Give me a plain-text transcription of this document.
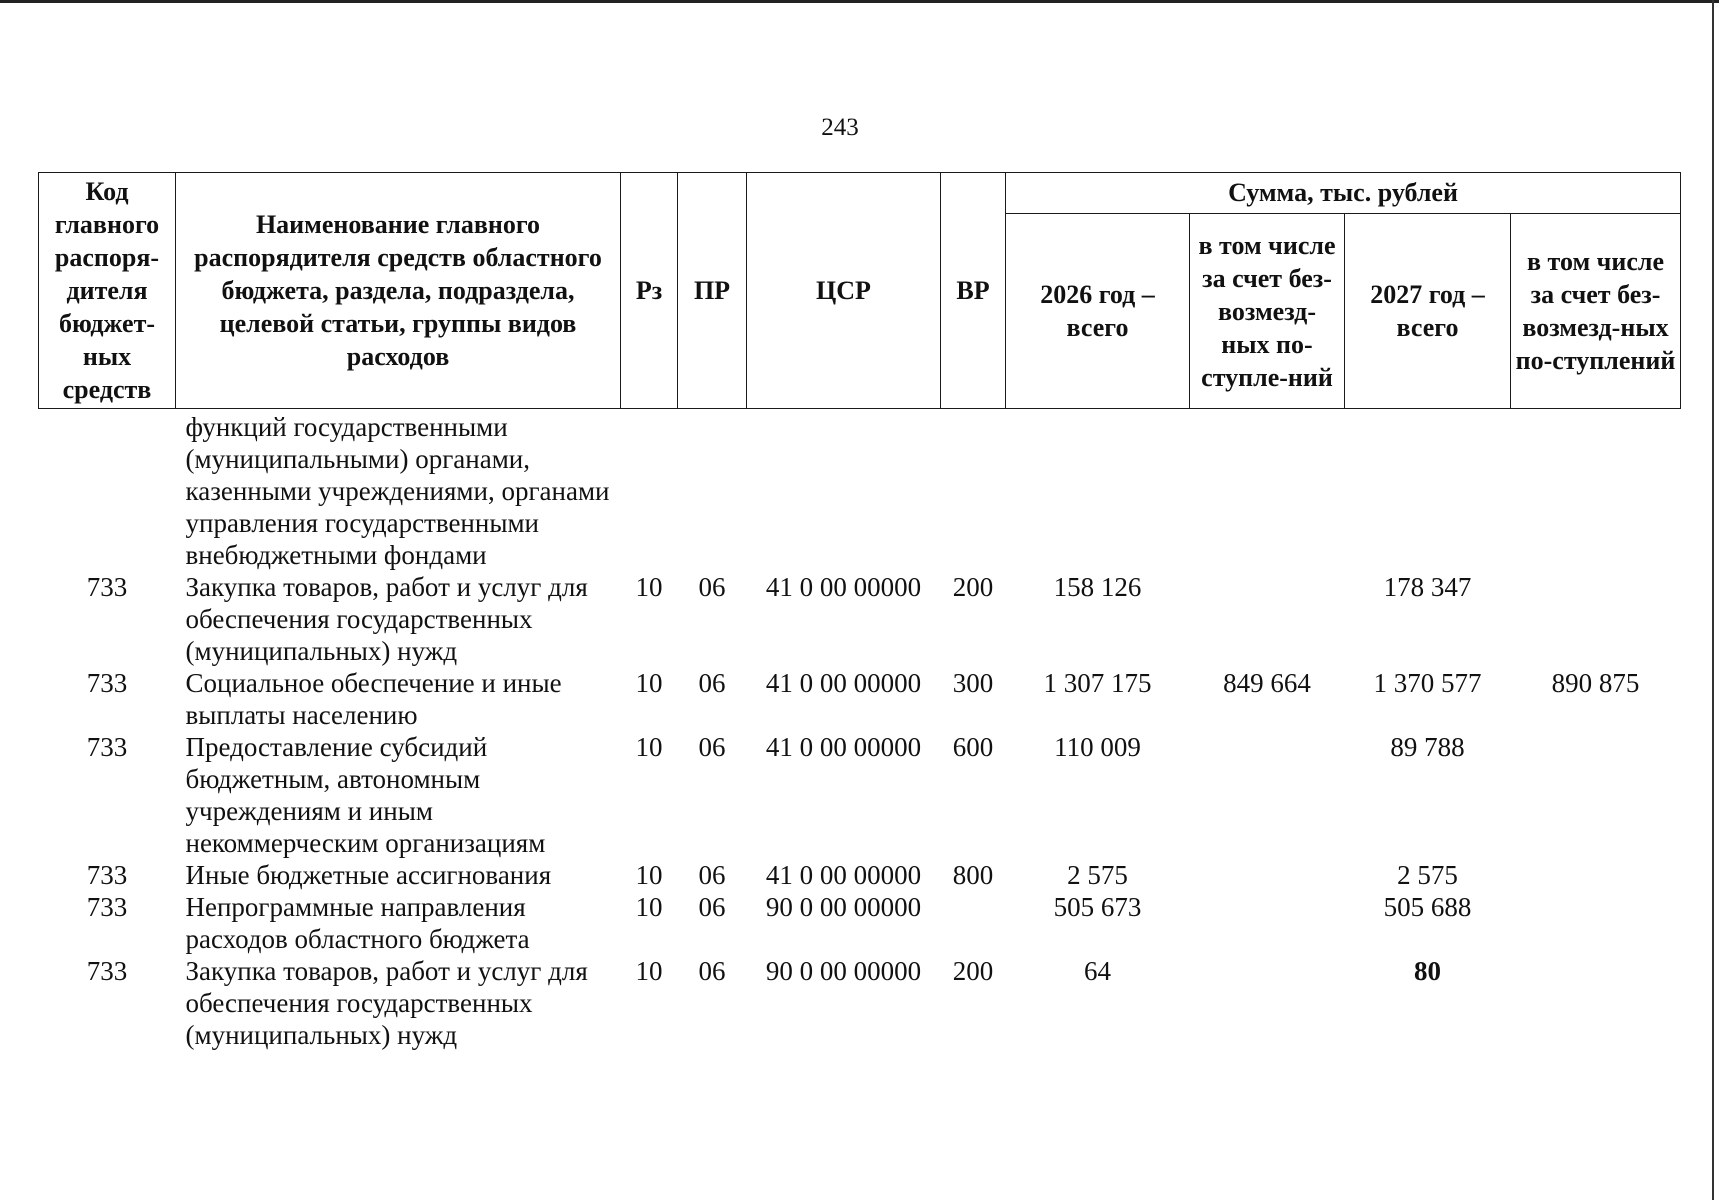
243
Код главного распоря-дителя бюджет-ных средств	Наименование главного распорядителя средств областного бюджета, раздела, подраздела, целевой статьи, группы видов расходов	Рз	ПР	ЦСР	ВР	Сумма, тыс. рублей			
						2026 год – всего	в том числе за счет без-возмезд-ных по-ступле-ний	2027 год – всего	в том числе за счет без-возмезд-ных по-ступлений
	функций государственными (муниципальными) органами, казенными учреждениями, органами управления государственными внебюджетными фондами								
733	Закупка товаров, работ и услуг для обеспечения государственных (муниципальных) нужд	10	06	41 0 00 00000	200	158 126		178 347	
733	Социальное обеспечение и иные выплаты населению	10	06	41 0 00 00000	300	1 307 175	849 664	1 370 577	890 875
733	Предоставление субсидий бюджетным, автономным учреждениям и иным некоммерческим организациям	10	06	41 0 00 00000	600	110 009		89 788	
733	Иные бюджетные ассигнования	10	06	41 0 00 00000	800	2 575		2 575	
733	Непрограммные направления расходов областного бюджета	10	06	90 0 00 00000		505 673		505 688	
733	Закупка товаров, работ и услуг для обеспечения государственных (муниципальных) нужд	10	06	90 0 00 00000	200	64		80	
